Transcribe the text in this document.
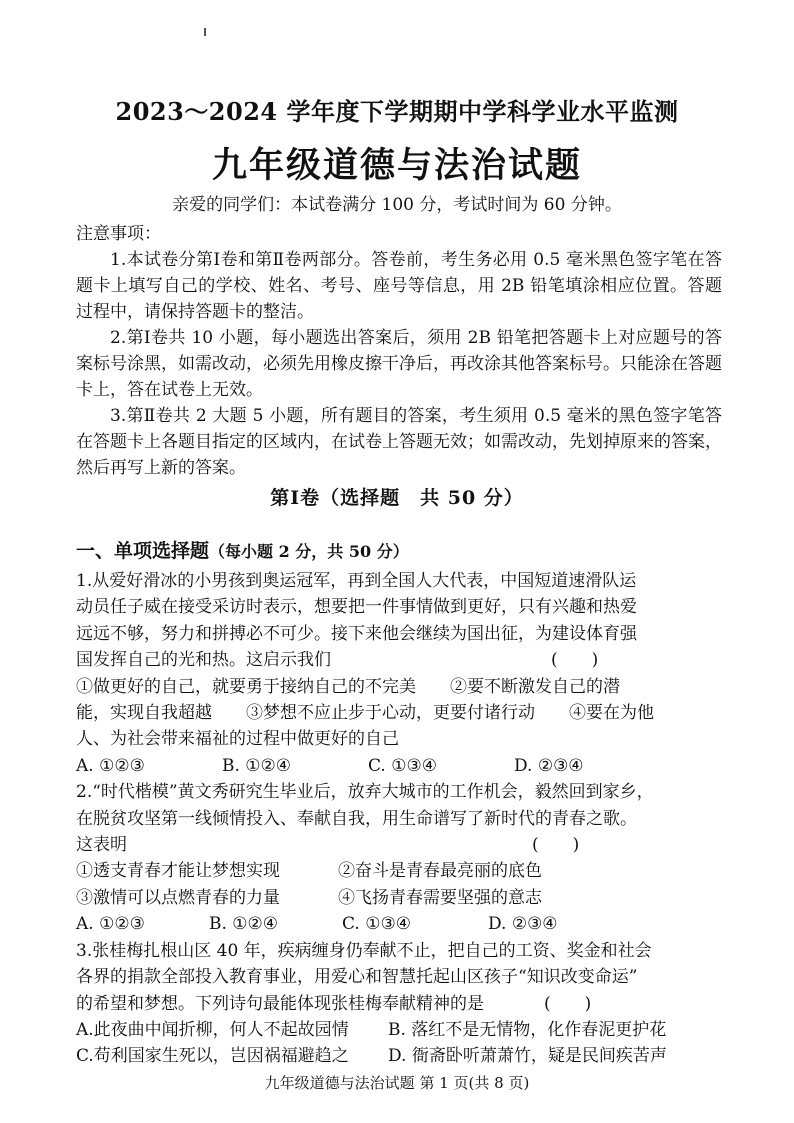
2023～2024 学年度下学期期中学科学业水平监测
九年级道德与法治试题
亲爱的同学们：本试卷满分 100 分，考试时间为 60 分钟。
注意事项：

1.本试卷分第Ⅰ卷和第Ⅱ卷两部分。答卷前，考生务必用 0.5 毫米黑色签字笔在答题卡上填写自己的学校、姓名、考号、座号等信息，用 2B 铅笔填涂相应位置。答题过程中，请保持答题卡的整洁。

2.第Ⅰ卷共 10 小题，每小题选出答案后，须用 2B 铅笔把答题卡上对应题号的答案标号涂黑，如需改动，必须先用橡皮擦干净后，再改涂其他答案标号。只能涂在答题卡上，答在试卷上无效。

3.第Ⅱ卷共 2 大题 5 小题，所有题目的答案，考生须用 0.5 毫米的黑色签字笔答在答题卡上各题目指定的区域内，在试卷上答题无效；如需改动，先划掉原来的答案，然后再写上新的答案。

第Ⅰ卷（选择题　共 50 分）
一、单项选择题（每小题 2 分，共 50 分）
1.从爱好滑冰的小男孩到奥运冠军，再到全国人大代表，中国短道速滑队运
动员任子威在接受采访时表示，想要把一件事情做到更好，只有兴趣和热爱
远远不够，努力和拼搏必不可少。接下来他会继续为国出征，为建设体育强
国发挥自己的光和热。这启示我们	(　　)
①做更好的自己，就要勇于接纳自己的不完美　　②要不断激发自己的潜
能，实现自我超越　　③梦想不应止步于心动，更要付诸行动　　④要在为他
人、为社会带来福祉的过程中做更好的自己
A. ①②③	B. ①②④	C. ①③④	D. ②③④
2.“时代楷模”黄文秀研究生毕业后，放弃大城市的工作机会，毅然回到家乡，
在脱贫攻坚第一线倾情投入、奉献自我，用生命谱写了新时代的青春之歌。
这表明	(　　)
①透支青春才能让梦想实现	②奋斗是青春最亮丽的底色
③激情可以点燃青春的力量	④飞扬青春需要坚强的意志
A. ①②③	B. ①②④	C. ①③④	D. ②③④
3.张桂梅扎根山区 40 年，疾病缠身仍奉献不止，把自己的工资、奖金和社会
各界的捐款全部投入教育事业，用爱心和智慧托起山区孩子“知识改变命运”
的希望和梦想。下列诗句最能体现张桂梅奉献精神的是	(　　)
A.此夜曲中闻折柳，何人不起故园情 B. 落红不是无情物，化作春泥更护花
C.苟利国家生死以，岂因祸福避趋之 D. 衙斋卧听萧萧竹，疑是民间疾苦声
九年级道德与法治试题 第 1 页(共 8 页)
